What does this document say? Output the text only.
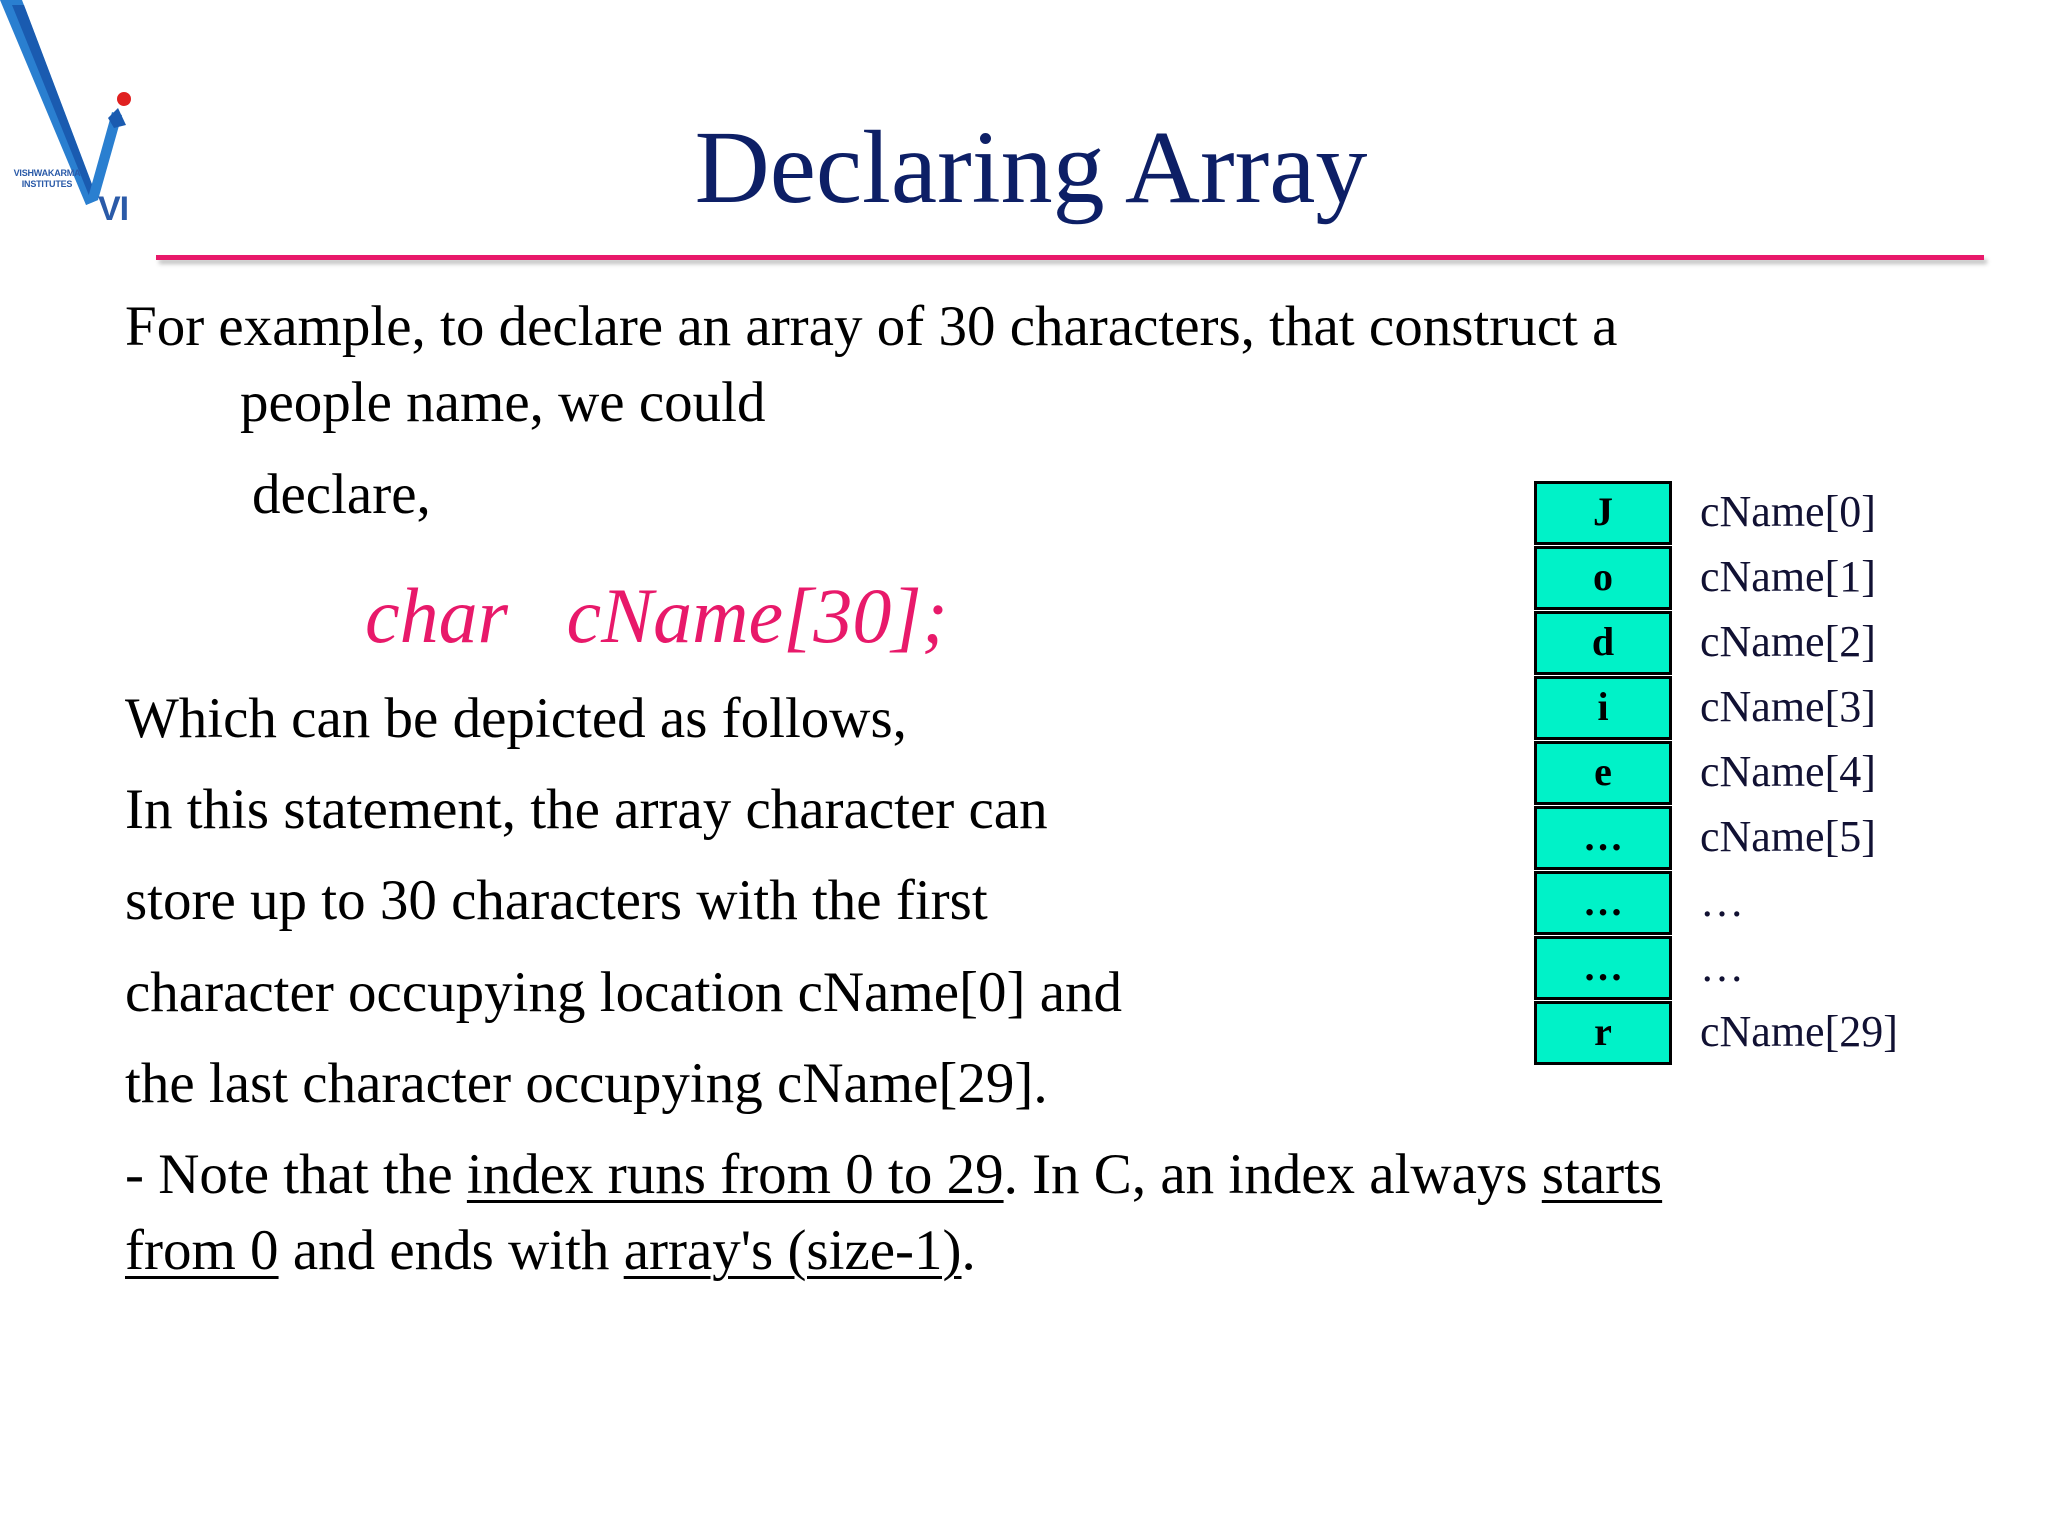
VISHWAKARMA INSTITUTES
VI	Declaring Array
For example, to declare an array of 30 characters, that construct a
people name, we could
declare,
char   cName[30];
Which can be depicted as follows,
In this statement, the array character can
store up to 30 characters with the first
character occupying location cName[0] and
the last character occupying cName[29].
- Note that the index runs from 0 to 29. In C, an index always starts
from 0 and ends with array's (size-1).
J
o
d
i
e
…
…
…
r
cName[0]
cName[1]
cName[2]
cName[3]
cName[4]
cName[5]
…
…
cName[29]
